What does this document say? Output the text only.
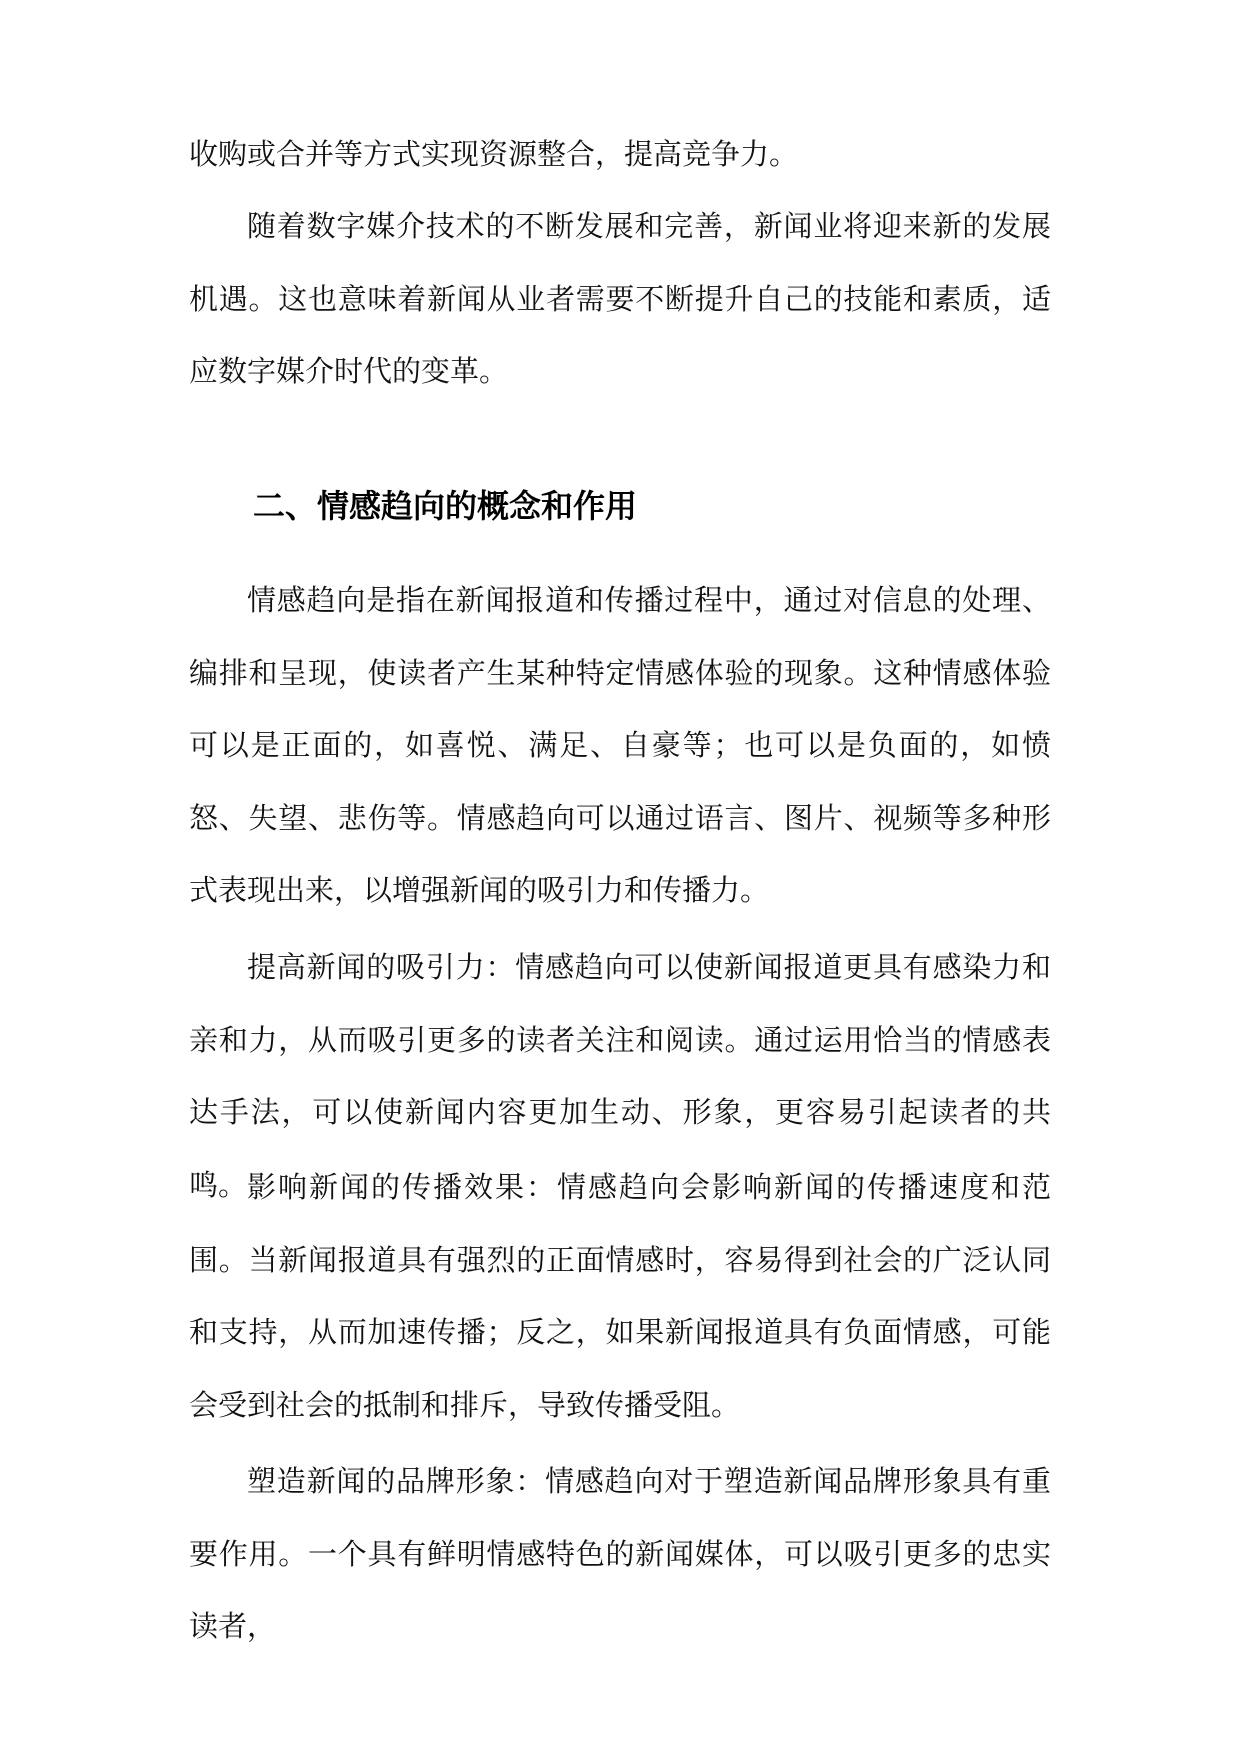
收购或合并等方式实现资源整合，提高竞争力。

随着数字媒介技术的不断发展和完善，新闻业将迎来新的发展机遇。这也意味着新闻从业者需要不断提升自己的技能和素质，适应数字媒介时代的变革。

二、情感趋向的概念和作用

情感趋向是指在新闻报道和传播过程中，通过对信息的处理、编排和呈现，使读者产生某种特定情感体验的现象。这种情感体验可以是正面的，如喜悦、满足、自豪等；也可以是负面的，如愤怒、失望、悲伤等。情感趋向可以通过语言、图片、视频等多种形式表现出来，以增强新闻的吸引力和传播力。

提高新闻的吸引力：情感趋向可以使新闻报道更具有感染力和亲和力，从而吸引更多的读者关注和阅读。通过运用恰当的情感表达手法，可以使新闻内容更加生动、形象，更容易引起读者的共鸣。 影响新闻的传播效果：情感趋向会影响新闻的传播速度和范围。当新闻报道具有强烈的正面情感时，容易得到社会的广泛认同和支持，从而加速传播；反之，如果新闻报道具有负面情感，可能会受到社会的抵制和排斥，导致传播受阻。

塑造新闻的品牌形象：情感趋向对于塑造新闻品牌形象具有重要作用。一个具有鲜明情感特色的新闻媒体，可以吸引更多的忠实读者，
